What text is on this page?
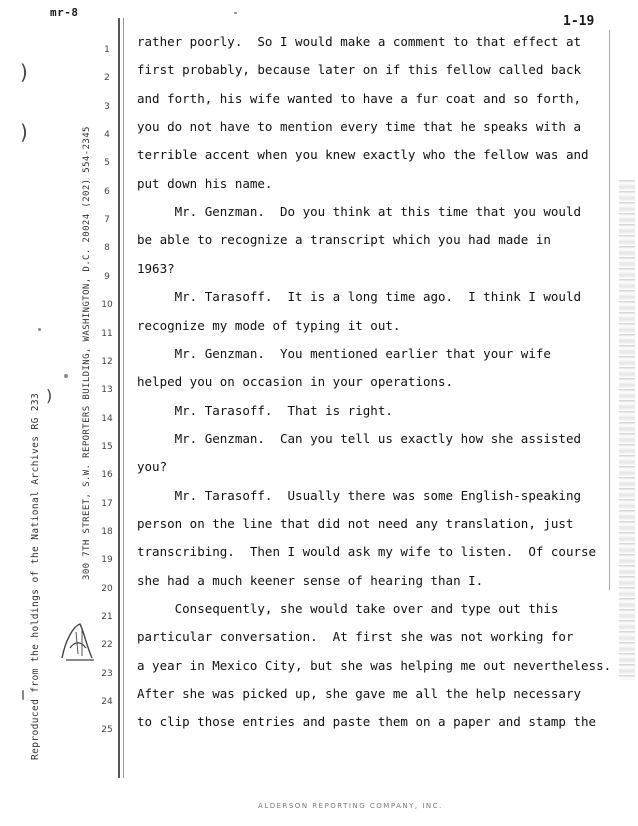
mr-8
1-19
Reproduced from the holdings of the National Archives RG 233	300 7TH STREET, S.W. REPORTERS BUILDING, WASHINGTON, D.C. 20024 (202) 554-2345
)
)
)
1
rather poorly.  So I would make a comment to that effect at
2
first probably, because later on if this fellow called back
3
and forth, his wife wanted to have a fur coat and so forth,
4
you do not have to mention every time that he speaks with a
5
terrible accent when you knew exactly who the fellow was and
6
put down his name.
7
Mr. Genzman.  Do you think at this time that you would
8
be able to recognize a transcript which you had made in
9
1963?
10
Mr. Tarasoff.  It is a long time ago.  I think I would
11
recognize my mode of typing it out.
12
Mr. Genzman.  You mentioned earlier that your wife
13
helped you on occasion in your operations.
14
Mr. Tarasoff.  That is right.
15
Mr. Genzman.  Can you tell us exactly how she assisted
16
you?
17
Mr. Tarasoff.  Usually there was some English-speaking
18
person on the line that did not need any translation, just
19
transcribing.  Then I would ask my wife to listen.  Of course
20
she had a much keener sense of hearing than I.
21
Consequently, she would take over and type out this
22
particular conversation.  At first she was not working for
23
a year in Mexico City, but she was helping me out nevertheless.
24
After she was picked up, she gave me all the help necessary
25
to clip those entries and paste them on a paper and stamp the
ALDERSON REPORTING COMPANY, INC.
